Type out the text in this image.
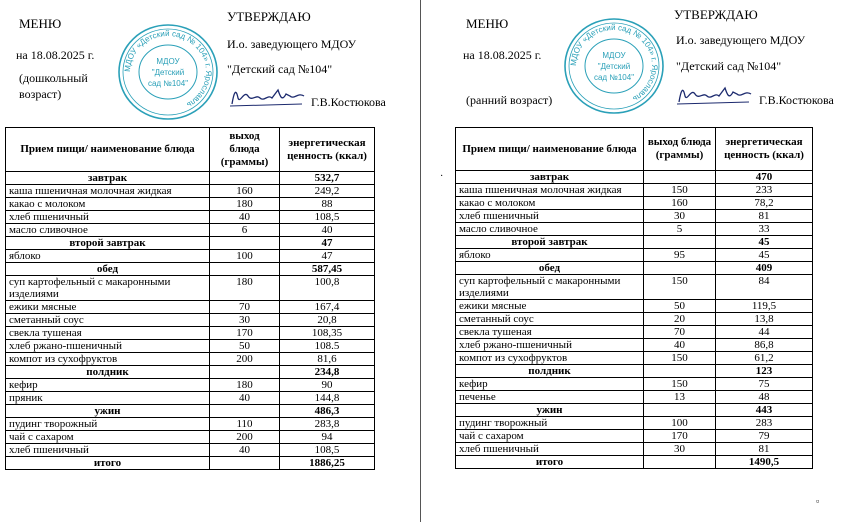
МЕНЮ
на 18.08.2025 г.
(дошкольный
возраст)
МДОУ «Детский сад № 104» г. Ярославль
МДОУ
"Детский
сад №104"
УТВЕРЖДАЮ
И.о. заведующего МДОУ
"Детский сад №104"
Г.В.Костюкова
Прием пищи/ наименование блюда	выход блюда (граммы)	энергетическая ценность (ккал)
завтрак		532,7
каша пшеничная молочная жидкая	160	249,2
какао с молоком	180	88
хлеб пшеничный	40	108,5
масло сливочное	6	40
второй завтрак		47
яблоко	100	47
обед		587,45
суп картофельный с макаронными изделиями	180	100,8
ежики мясные	70	167,4
сметанный соус	30	20,8
свекла тушеная	170	108,35
хлеб ржано-пшеничный	50	108.5
компот из сухофруктов	200	81,6
полдник		234,8
кефир	180	90
пряник	40	144,8
ужин		486,3
пудинг творожный	110	283,8
чай с сахаром	200	94
хлеб пшеничный	40	108,5
итого		1886,25
МЕНЮ
на 18.08.2025 г.
(ранний возраст)
МДОУ «Детский сад № 104» г. Ярославль
МДОУ
"Детский
сад №104"
УТВЕРЖДАЮ
И.о. заведующего МДОУ
"Детский сад №104"
Г.В.Костюкова
·
▫
Прием пищи/ наименование блюда	выход блюда (граммы)	энергетическая ценность (ккал)
завтрак		470
каша пшеничная молочная жидкая	150	233
какао с молоком	160	78,2
хлеб пшеничный	30	81
масло сливочное	5	33
второй завтрак		45
яблоко	95	45
обед		409
суп картофельный с макаронными изделиями	150	84
ежики мясные	50	119,5
сметанный соус	20	13,8
свекла тушеная	70	44
хлеб ржано-пшеничный	40	86,8
компот из сухофруктов	150	61,2
полдник		123
кефир	150	75
печенье	13	48
ужин		443
пудинг творожный	100	283
чай с сахаром	170	79
хлеб пшеничный	30	81
итого		1490,5
